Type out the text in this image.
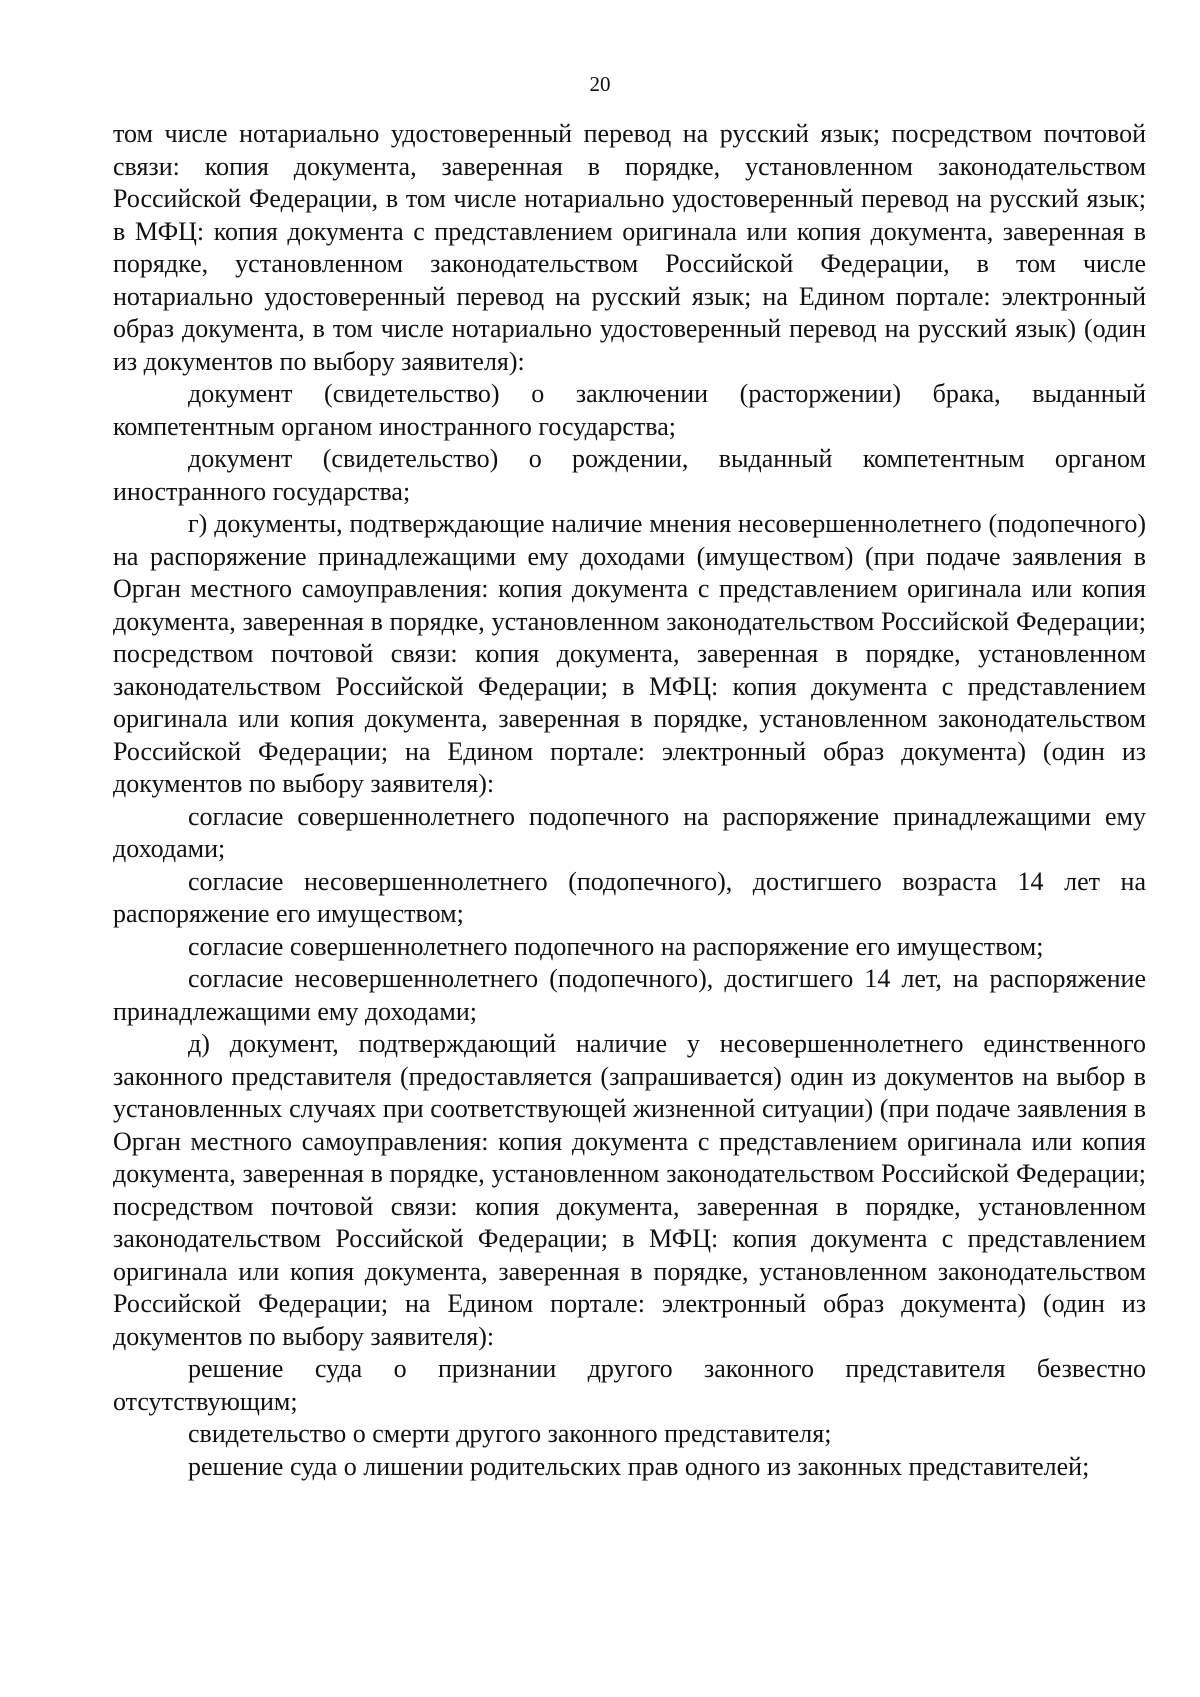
20

том числе нотариально удостоверенный перевод на русский язык; посредством почтовой связи: копия документа, заверенная в порядке, установленном законодательством Российской Федерации, в том числе нотариально удостоверенный перевод на русский язык; в МФЦ: копия документа с представлением оригинала или копия документа, заверенная в порядке, установленном законодательством Российской Федерации, в том числе нотариально удостоверенный перевод на русский язык; на Едином портале: электронный образ документа, в том числе нотариально удостоверенный перевод на русский язык) (один из документов по выбору заявителя):

документ (свидетельство) о заключении (расторжении) брака, выданный компетентным органом иностранного государства;

документ (свидетельство) о рождении, выданный компетентным органом иностранного государства;

г) документы, подтверждающие наличие мнения несовершеннолетнего (подопечного) на распоряжение принадлежащими ему доходами (имуществом) (при подаче заявления в Орган местного самоуправления: копия документа с представлением оригинала или копия документа, заверенная в порядке, установленном законодательством Российской Федерации; посредством почтовой связи: копия документа, заверенная в порядке, установленном законодательством Российской Федерации; в МФЦ: копия документа с представлением оригинала или копия документа, заверенная в порядке, установленном законодательством Российской Федерации; на Едином портале: электронный образ документа) (один из документов по выбору заявителя):

согласие совершеннолетнего подопечного на распоряжение принадлежащими ему доходами;

согласие несовершеннолетнего (подопечного), достигшего возраста 14 лет на распоряжение его имуществом;

согласие совершеннолетнего подопечного на распоряжение его имуществом;

согласие несовершеннолетнего (подопечного), достигшего 14 лет, на распоряжение принадлежащими ему доходами;

д) документ, подтверждающий наличие у несовершеннолетнего единственного законного представителя (предоставляется (запрашивается) один из документов на выбор в установленных случаях при соответствующей жизненной ситуации) (при подаче заявления в Орган местного самоуправления: копия документа с представлением оригинала или копия документа, заверенная в порядке, установленном законодательством Российской Федерации; посредством почтовой связи: копия документа, заверенная в порядке, установленном законодательством Российской Федерации; в МФЦ: копия документа с представлением оригинала или копия документа, заверенная в порядке, установленном законодательством Российской Федерации; на Едином портале: электронный образ документа) (один из документов по выбору заявителя):

решение суда о признании другого законного представителя безвестно отсутствующим;

свидетельство о смерти другого законного представителя;

решение суда о лишении родительских прав одного из законных представителей;
